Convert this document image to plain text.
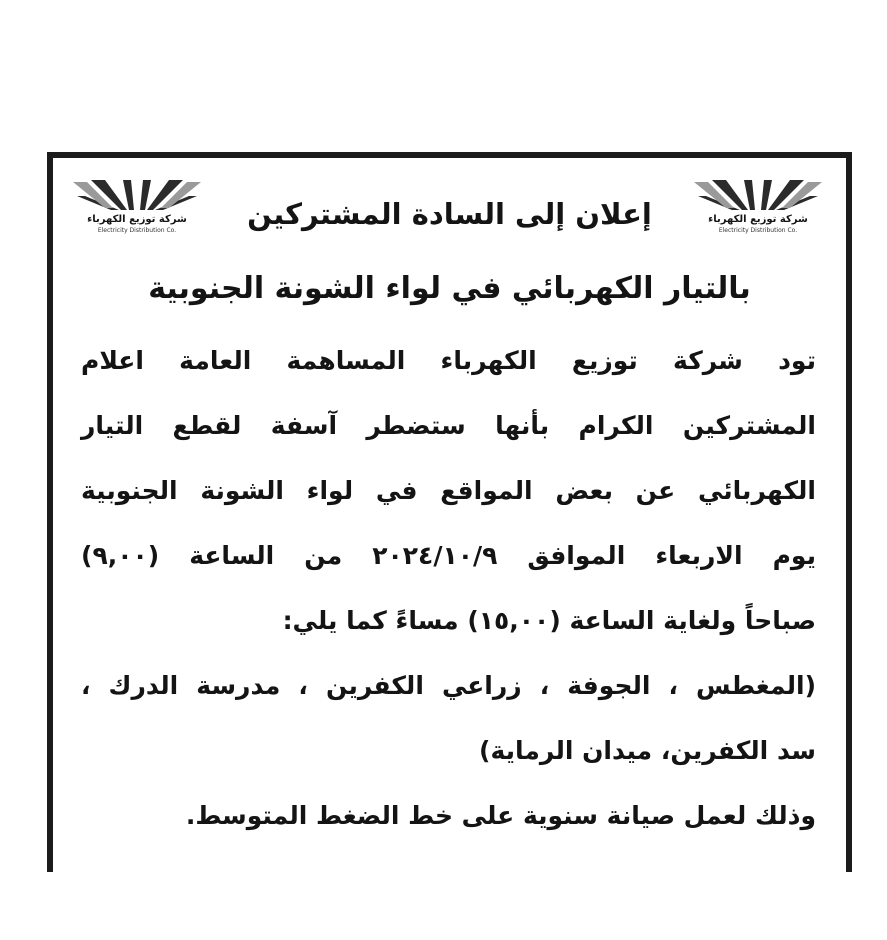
شركة توزيع الكهرباء
Electricity Distribution Co.
شركة توزيع الكهرباء
Electricity Distribution Co.	إعلان إلى السادة المشتركين
بالتيار الكهربائي في لواء الشونة الجنوبية
تود شركة توزيع الكهرباء المساهمة العامة اعلام
المشتركين الكرام بأنها ستضطر آسفة لقطع التيار
الكهربائي عن بعض المواقع في لواء الشونة الجنوبية
يوم الاربعاء الموافق ٢٠٢٤/١٠/٩ من الساعة (٩,٠٠)
صباحاً ولغاية الساعة (١٥,٠٠) مساءً كما يلي:
(المغطس ، الجوفة ، زراعي الكفرين ، مدرسة الدرك ،
سد الكفرين، ميدان الرماية)
وذلك لعمل صيانة سنوية على خط الضغط المتوسط.
